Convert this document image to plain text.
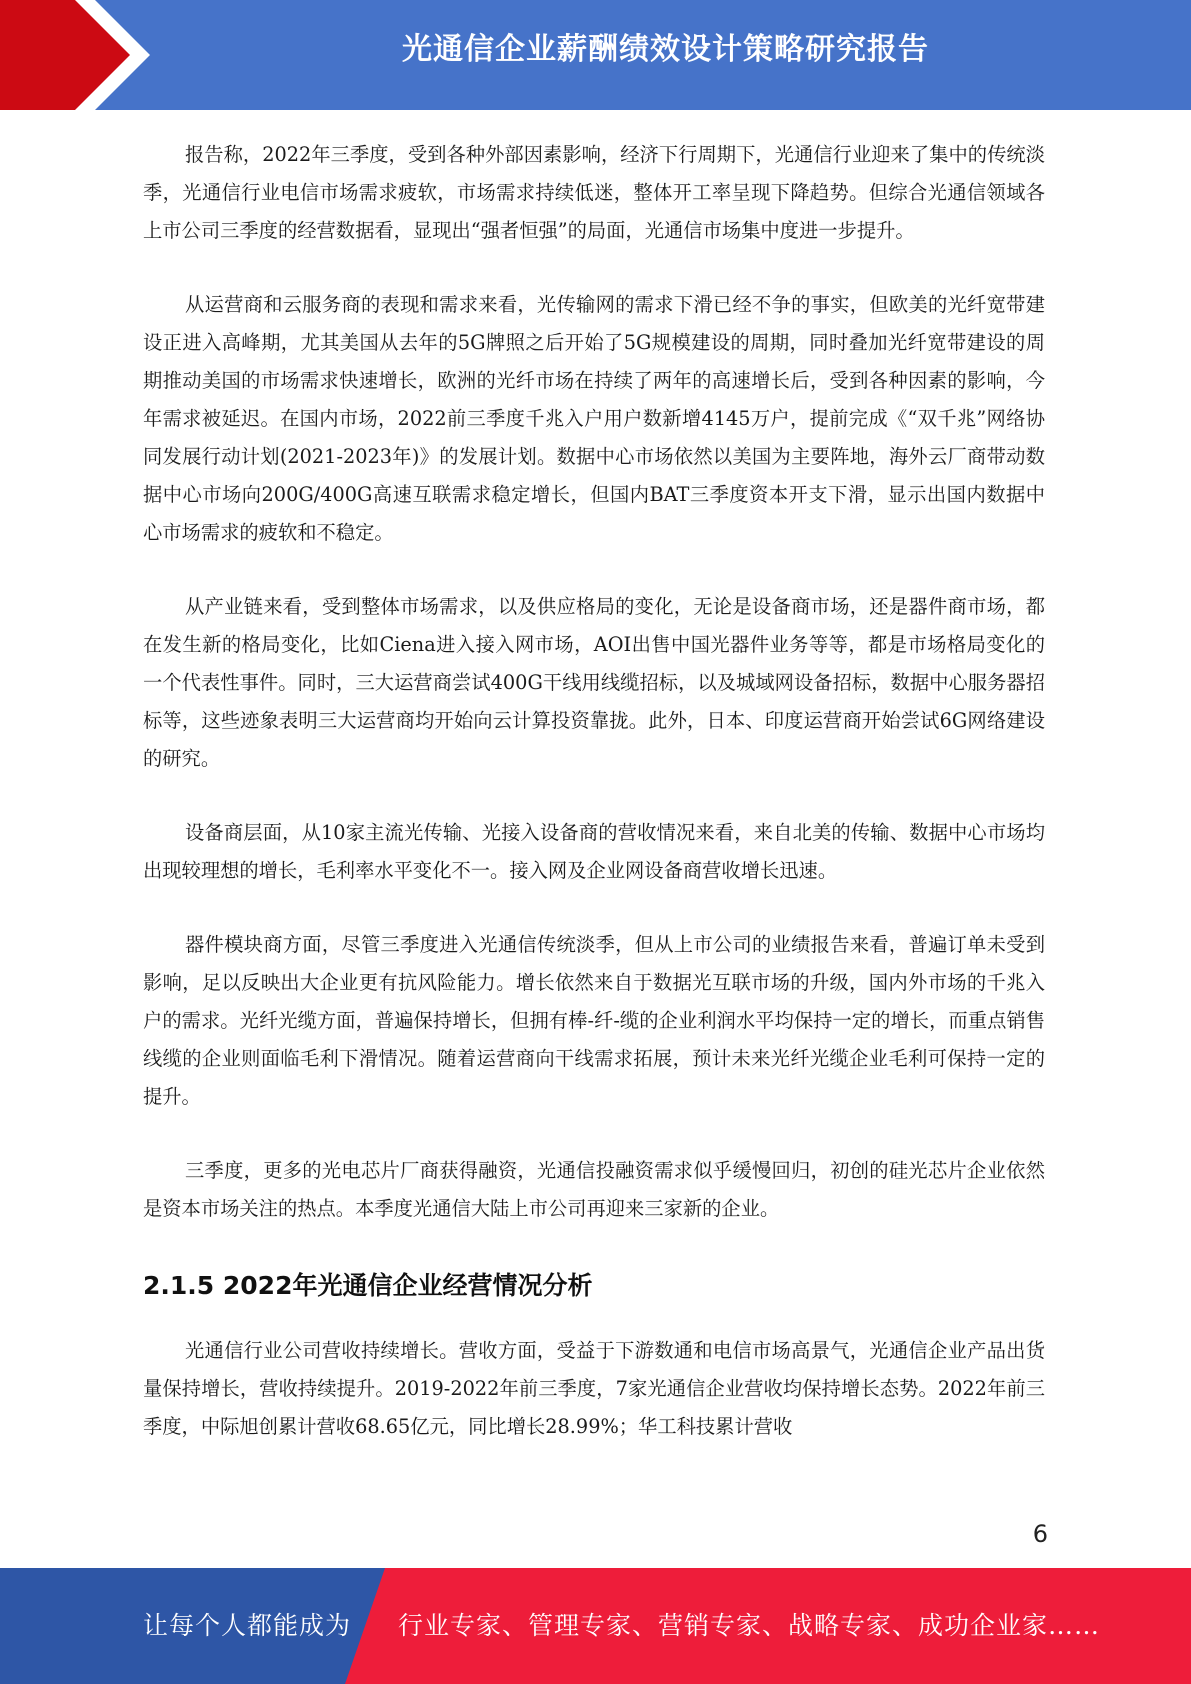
光通信企业薪酬绩效设计策略研究报告

报告称，2022年三季度，受到各种外部因素影响，经济下行周期下，光通信行业迎来了集中的传统淡季，光通信行业电信市场需求疲软，市场需求持续低迷，整体开工率呈现下降趋势。但综合光通信领域各上市公司三季度的经营数据看，显现出“强者恒强”的局面，光通信市场集中度进一步提升。

从运营商和云服务商的表现和需求来看，光传输网的需求下滑已经不争的事实，但欧美的光纤宽带建设正进入高峰期，尤其美国从去年的5G牌照之后开始了5G规模建设的周期，同时叠加光纤宽带建设的周期推动美国的市场需求快速增长，欧洲的光纤市场在持续了两年的高速增长后，受到各种因素的影响，今年需求被延迟。在国内市场，2022前三季度千兆入户用户数新增4145万户，提前完成《“双千兆”网络协同发展行动计划(2021-2023年)》的发展计划。数据中心市场依然以美国为主要阵地，海外云厂商带动数据中心市场向200G/400G高速互联需求稳定增长，但国内BAT三季度资本开支下滑，显示出国内数据中心市场需求的疲软和不稳定。

从产业链来看，受到整体市场需求，以及供应格局的变化，无论是设备商市场，还是器件商市场，都在发生新的格局变化，比如Ciena进入接入网市场，AOI出售中国光器件业务等等，都是市场格局变化的一个代表性事件。同时，三大运营商尝试400G干线用线缆招标，以及城域网设备招标，数据中心服务器招标等，这些迹象表明三大运营商均开始向云计算投资靠拢。此外，日本、印度运营商开始尝试6G网络建设的研究。

设备商层面，从10家主流光传输、光接入设备商的营收情况来看，来自北美的传输、数据中心市场均出现较理想的增长，毛利率水平变化不一。接入网及企业网设备商营收增长迅速。

器件模块商方面，尽管三季度进入光通信传统淡季，但从上市公司的业绩报告来看，普遍订单未受到影响，足以反映出大企业更有抗风险能力。增长依然来自于数据光互联市场的升级，国内外市场的千兆入户的需求。光纤光缆方面，普遍保持增长，但拥有棒-纤-缆的企业利润水平均保持一定的增长，而重点销售线缆的企业则面临毛利下滑情况。随着运营商向干线需求拓展，预计未来光纤光缆企业毛利可保持一定的提升。

三季度，更多的光电芯片厂商获得融资，光通信投融资需求似乎缓慢回归，初创的硅光芯片企业依然是资本市场关注的热点。本季度光通信大陆上市公司再迎来三家新的企业。

2.1.5 2022年光通信企业经营情况分析

光通信行业公司营收持续增长。营收方面，受益于下游数通和电信市场高景气，光通信企业产品出货量保持增长，营收持续提升。2019-2022年前三季度，7家光通信企业营收均保持增长态势。2022年前三季度，中际旭创累计营收68.65亿元，同比增长28.99%；华工科技累计营收

6
让每个人都能成为 行业专家、管理专家、营销专家、战略专家、成功企业家……
